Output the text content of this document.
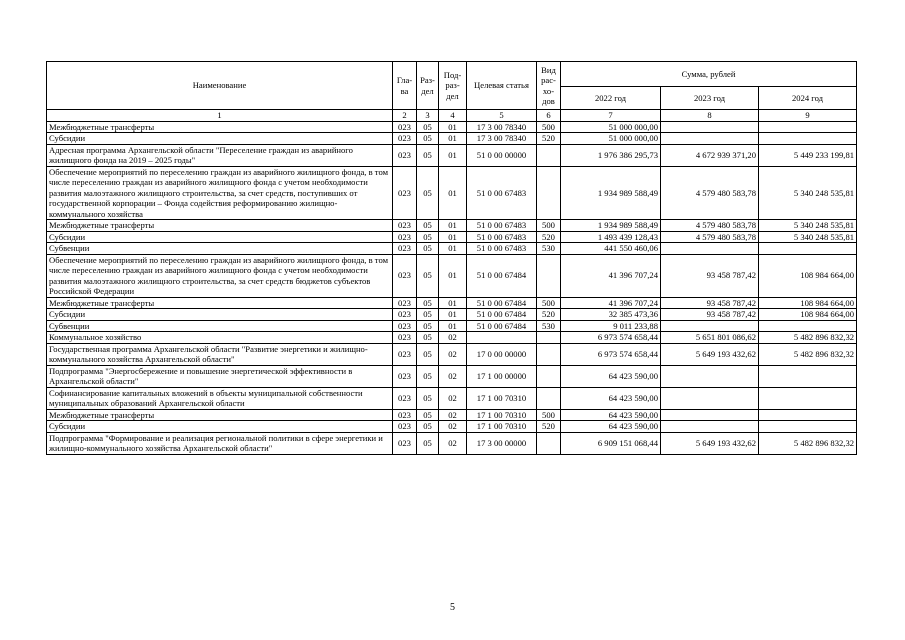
Наименование	Гла-ва	Раз-дел	Под-раз-дел	Целевая статья	Вид рас-хо-дов	Сумма, рублей		
						2022 год	2023 год	2024 год
1	2	3	4	5	6	7	8	9
Межбюджетные трансферты	023	05	01	17 3 00 78340	500	51 000 000,00		
Субсидии	023	05	01	17 3 00 78340	520	51 000 000,00		
Адресная программа Архангельской области "Переселение граждан из аварийного жилищного фонда на 2019 – 2025 годы"	023	05	01	51 0 00 00000		1 976 386 295,73	4 672 939 371,20	5 449 233 199,81
Обеспечение мероприятий по переселению граждан из аварийного жилищного фонда, в том числе переселению граждан из аварийного жилищного фонда с учетом необходимости развития малоэтажного жилищного строительства, за счет средств, поступивших от государственной корпорации – Фонда содействия реформированию жилищно-коммунального хозяйства	023	05	01	51 0 00 67483		1 934 989 588,49	4 579 480 583,78	5 340 248 535,81
Межбюджетные трансферты	023	05	01	51 0 00 67483	500	1 934 989 588,49	4 579 480 583,78	5 340 248 535,81
Субсидии	023	05	01	51 0 00 67483	520	1 493 439 128,43	4 579 480 583,78	5 340 248 535,81
Субвенции	023	05	01	51 0 00 67483	530	441 550 460,06		
Обеспечение мероприятий по переселению граждан из аварийного жилищного фонда, в том числе переселению граждан из аварийного жилищного фонда с учетом необходимости развития малоэтажного жилищного строительства, за счет средств бюджетов субъектов Российской Федерации	023	05	01	51 0 00 67484		41 396 707,24	93 458 787,42	108 984 664,00
Межбюджетные трансферты	023	05	01	51 0 00 67484	500	41 396 707,24	93 458 787,42	108 984 664,00
Субсидии	023	05	01	51 0 00 67484	520	32 385 473,36	93 458 787,42	108 984 664,00
Субвенции	023	05	01	51 0 00 67484	530	9 011 233,88		
Коммунальное хозяйство	023	05	02			6 973 574 658,44	5 651 801 086,62	5 482 896 832,32
Государственная программа Архангельской области "Развитие энергетики и жилищно-коммунального хозяйства Архангельской области"	023	05	02	17 0 00 00000		6 973 574 658,44	5 649 193 432,62	5 482 896 832,32
Подпрограмма "Энергосбережение и повышение энергетической эффективности в Архангельской области"	023	05	02	17 1 00 00000		64 423 590,00		
Софинансирование капитальных вложений в объекты муниципальной собственности муниципальных образований Архангельской области	023	05	02	17 1 00 70310		64 423 590,00		
Межбюджетные трансферты	023	05	02	17 1 00 70310	500	64 423 590,00		
Субсидии	023	05	02	17 1 00 70310	520	64 423 590,00		
Подпрограмма "Формирование и реализация региональной политики в сфере энергетики и жилищно-коммунального хозяйства Архангельской области"	023	05	02	17 3 00 00000		6 909 151 068,44	5 649 193 432,62	5 482 896 832,32
5
